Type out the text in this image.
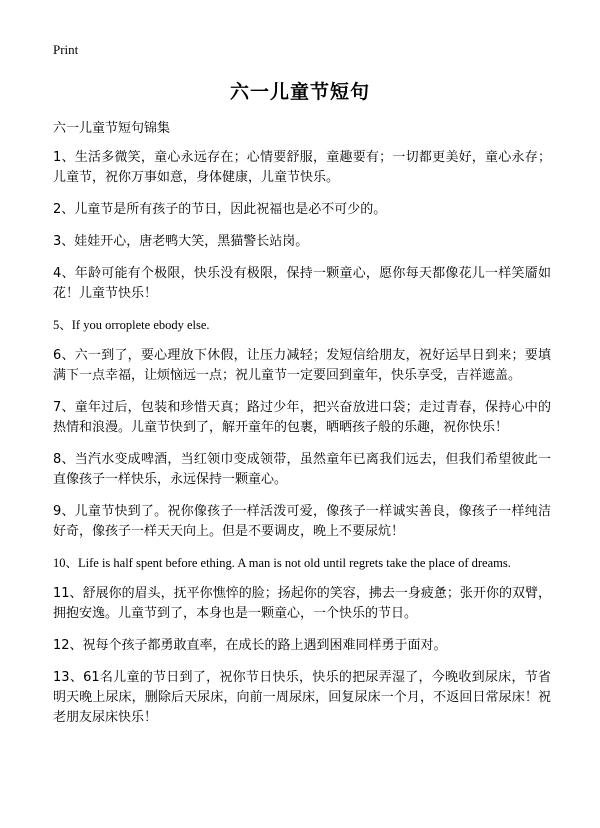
Print
六一儿童节短句
六一儿童节短句锦集

1、生活多微笑，童心永远存在；心情要舒服，童趣要有；一切都更美好，童心永存；儿童节，祝你万事如意，身体健康，儿童节快乐。

2、儿童节是所有孩子的节日，因此祝福也是必不可少的。

3、娃娃开心，唐老鸭大笑，黑猫警长站岗。

4、年龄可能有个极限，快乐没有极限，保持一颗童心，愿你每天都像花儿一样笑靥如花！儿童节快乐！

5、If you orroplete ebody else.

6、六一到了，要心理放下休假，让压力减轻；发短信给朋友，祝好运早日到来；要填满下一点幸福，让烦恼远一点；祝儿童节一定要回到童年，快乐享受，吉祥遮盖。

7、童年过后，包装和珍惜天真；路过少年，把兴奋放进口袋；走过青春，保持心中的热情和浪漫。儿童节快到了，解开童年的包裹，晒晒孩子般的乐趣，祝你快乐！

8、当汽水变成啤酒，当红领巾变成领带，虽然童年已离我们远去，但我们希望彼此一直像孩子一样快乐，永远保持一颗童心。

9、儿童节快到了。祝你像孩子一样活泼可爱，像孩子一样诚实善良，像孩子一样纯洁好奇，像孩子一样天天向上。但是不要调皮，晚上不要尿炕！

10、Life is half spent before ething. A man is not old until regrets take the place of dreams.

11、舒展你的眉头，抚平你憔悴的脸；扬起你的笑容，拂去一身疲惫；张开你的双臂，拥抱安逸。儿童节到了，本身也是一颗童心，一个快乐的节日。

12、祝每个孩子都勇敢直率，在成长的路上遇到困难同样勇于面对。

13、61名儿童的节日到了，祝你节日快乐，快乐的把尿弄湿了，今晚收到尿床，节省明天晚上尿床，删除后天尿床，向前一周尿床，回复尿床一个月，不返回日常尿床！祝老朋友尿床快乐！
